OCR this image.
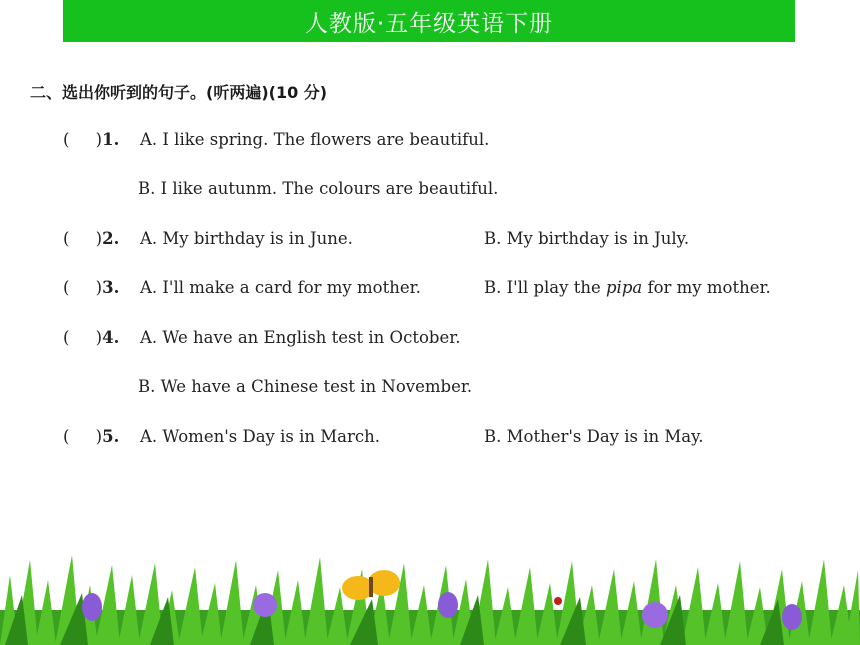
人教版·五年级英语下册
二、选出你听到的句子。(听两遍)(10 分)
( )1. A. I like spring. The flowers are beautiful.
B. I like autunm. The colours are beautiful.
( )2. A. My birthday is in June.	B. My birthday is in July.
( )3. A. I'll make a card for my mother.	B. I'll play the pipa for my mother.
( )4. A. We have an English test in October.
B. We have a Chinese test in November.
( )5. A. Women's Day is in March.	B. Mother's Day is in May.
